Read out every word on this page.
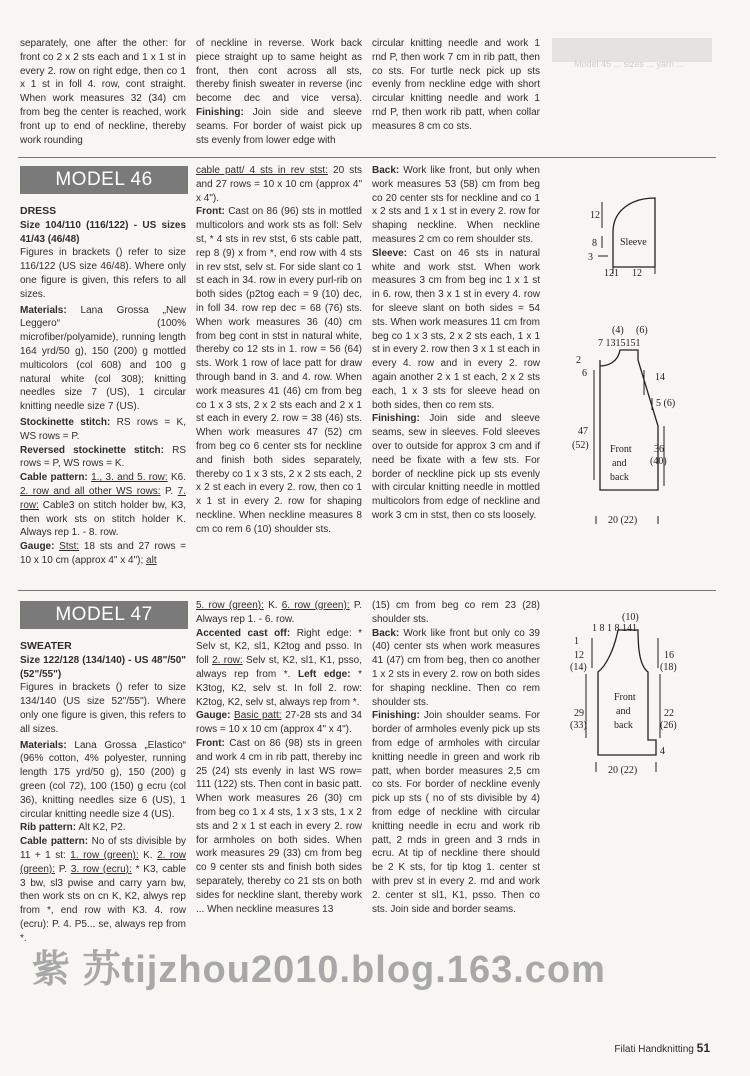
separately, one after the other: for front co 2 x 2 sts each and 1 x 1 st in every 2. row on right edge, then co 1 x 1 st in foll 4. row, cont straight. When work measures 32 (34) cm from beg the center is reached, work front up to end of neckline, thereby work rounding

of neckline in reverse. Work back piece straight up to same height as front, then cont across all sts, thereby finish sweater in reverse (inc become dec and vice versa). Finishing: Join side and sleeve seams. For border of waist pick up sts evenly from lower edge with

circular knitting needle and work 1 rnd P, then work 7 cm in rib patt, then co sts. For turtle neck pick up sts evenly from neckline edge with short circular knitting needle and work 1 rnd P, then work rib patt, when collar measures 8 cm co sts.

Model 45 ... sizes ... yarn ...
MODEL 46

DRESS

Size 104/110 (116/122) - US sizes 41/43 (46/48)

Figures in brackets () refer to size 116/122 (US size 46/48). Where only one figure is given, this refers to all sizes.

Materials: Lana Grossa „New Leggero“ (100% microfiber/polyamide), running length 164 yrd/50 g), 150 (200) g mottled multicolors (col 608) and 100 g natural white (col 308); knitting needles size 7 (US), 1 circular knitting needle size 7 (US).

Stockinette stitch: RS rows = K, WS rows = P.

Reversed stockinette stitch: RS rows = P, WS rows = K.

Cable pattern: 1., 3. and 5. row: K6. 2. row and all other WS rows: P. 7. row: Cable3 on stitch holder bw, K3, then work sts on stitch holder K. Always rep 1. - 8. row.

Gauge: Stst: 18 sts and 27 rows = 10 x 10 cm (approx 4" x 4"); alt

cable patt/ 4 sts in rev stst: 20 sts and 27 rows = 10 x 10 cm (approx 4" x 4").

Front: Cast on 86 (96) sts in mottled multicolors and work sts as foll: Selv st, * 4 sts in rev stst, 6 sts cable patt, rep 8 (9) x from *, end row with 4 sts in rev stst, selv st. For side slant co 1 st each in 34. row in every purl-rib on both sides (p2tog each = 9 (10) dec, in foll 34. row rep dec = 68 (76) sts. When work measures 36 (40) cm from beg cont in stst in natural white, thereby co 12 sts in 1. row = 56 (64) sts. Work 1 row of lace patt for draw through band in 3. and 4. row. When work measures 41 (46) cm from beg co 1 x 3 sts, 2 x 2 sts each and 2 x 1 st each in every 2. row = 38 (46) sts. When work measures 47 (52) cm from beg co 6 center sts for neckline and finish both sides separately, thereby co 1 x 3 sts, 2 x 2 sts each, 2 x 2 st each in every 2. row, then co 1 x 1 st in every 2. row for shaping neckline. When neckline measures 8 cm co rem 6 (10) shoulder sts.

Back: Work like front, but only when work measures 53 (58) cm from beg co 20 center sts for neckline and co 1 x 2 sts and 1 x 1 st in every 2. row for shaping neckline. When neckline measures 2 cm co rem shoulder sts.

Sleeve: Cast on 46 sts in natural white and work stst. When work measures 3 cm from beg inc 1 x 1 st in 6. row, then 3 x 1 st in every 4. row for sleeve slant on both sides = 54 sts. When work measures 11 cm from beg co 1 x 3 sts, 2 x 2 sts each, 1 x 1 st in every 2. row then 3 x 1 st each in every 4. row and in every 2. row again another 2 x 1 st each, 2 x 2 sts each, 1 x 3 sts for sleeve head on both sides, then co rem sts.

Finishing: Join side and sleeve seams, sew in sleeves. Fold sleeves over to outside for approx 3 cm and if need be fixate with a few sts. For border of neckline pick up sts evenly with circular knitting needle in mottled multicolors from edge of neckline and work 3 cm in stst, then co sts loosely.

12
8
3
Sleeve
121 12
(4) (6)
7 1315151
2
6	14
5 (6)
47
(52)	36
(40)
Front
and
back
20 (22)
MODEL 47

SWEATER

Size 122/128 (134/140) - US 48"/50" (52"/55")

Figures in brackets () refer to size 134/140 (US size 52"/55"). Where only one figure is given, this refers to all sizes.

Materials: Lana Grossa „Elastico“ (96% cotton, 4% polyester, running length 175 yrd/50 g), 150 (200) g green (col 72), 100 (150) g ecru (col 36), knitting needles size 6 (US), 1 circular knitting needle size 4 (US).

Rib pattern: Alt K2, P2.

Cable pattern: No of sts divisible by 11 + 1 st: 1. row (green): K. 2. row (green): P. 3. row (ecru): * K3, cable 3 bw, sl3 pwise and carry yarn bw, then work sts on cn K, K2, alwys rep from *, end row with K3. 4. row (ecru): P. 4. P5... se, always rep from *.

5. row (green): K. 6. row (green): P. Always rep 1. - 6. row.

Accented cast off: Right edge: * Selv st, K2, sl1, K2tog and psso. In foll 2. row: Selv st, K2, sl1, K1, psso, always rep from *. Left edge: * K3tog, K2, selv st. In foll 2. row: K2tog, K2, selv st, always rep from *.

Gauge: Basic patt: 27-28 sts and 34 rows = 10 x 10 cm (approx 4" x 4").

Front: Cast on 86 (98) sts in green and work 4 cm in rib patt, thereby inc 25 (24) sts evenly in last WS row= 111 (122) sts. Then cont in basic patt. When work measures 26 (30) cm from beg co 1 x 4 sts, 1 x 3 sts, 1 x 2 sts and 2 x 1 st each in every 2. row for armholes on both sides. When work measures 29 (33) cm from beg co 9 center sts and finish both sides separately, thereby co 21 sts on both sides for neckline slant, thereby work ... When neckline measures 13

(15) cm from beg co rem 23 (28) shoulder sts.

Back: Work like front but only co 39 (40) center sts when work measures 41 (47) cm from beg, then co another 1 x 2 sts in every 2. row on both sides for shaping neckline. Then co rem shoulder sts.

Finishing: Join shoulder seams. For border of armholes evenly pick up sts from edge of armholes with circular knitting needle in green and work rib patt, when border measures 2,5 cm co sts. For border of neckline evenly pick up sts ( no of sts divisible by 4) from edge of neckline with circular knitting needle in ecru and work rib patt, 2 rnds in green and 3 rnds in ecru. At tip of neckline there should be 2 K sts, for tip ktog 1. center st with prev st in every 2. rnd and work 2. center st sl1, K1, psso. Then co sts. Join side and border seams.

(10)
1 8 1 8 141
1
12
(14)
16
(18)
29
(33)
22
(26)
4
Front
and
back
20 (22)
紫 苏tijzhou2010.blog.163.com
Filati Handknitting 51
